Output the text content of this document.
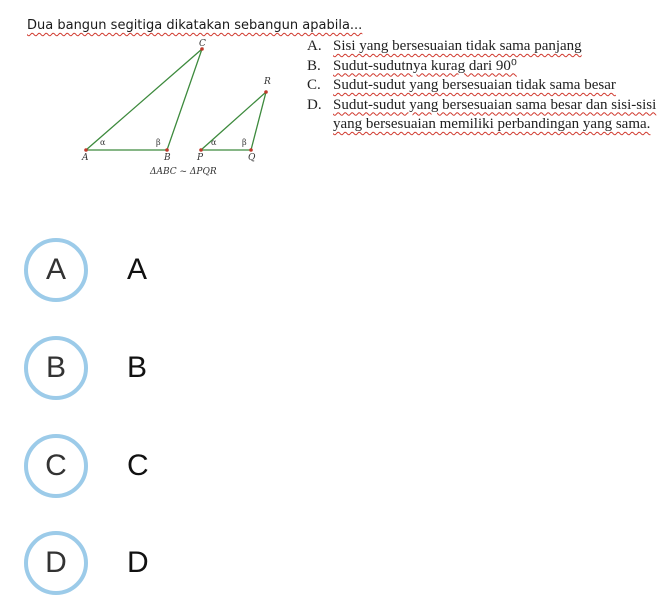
Dua bangun segitiga dikatakan sebangun apabila...
C
A	B
α	β
R
P	Q
α	β
ΔABC ~ ΔPQR
A. Sisi yang bersesuaian tidak sama panjang
B. Sudut-sudutnya kurag dari 90⁰
C. Sudut-sudut yang bersesuaian tidak sama besar
D. Sudut-sudut yang bersesuaian sama besar dan sisi-sisi yang bersesuaian memiliki perbandingan yang sama.
A	A
B	B
C	C
D	D
